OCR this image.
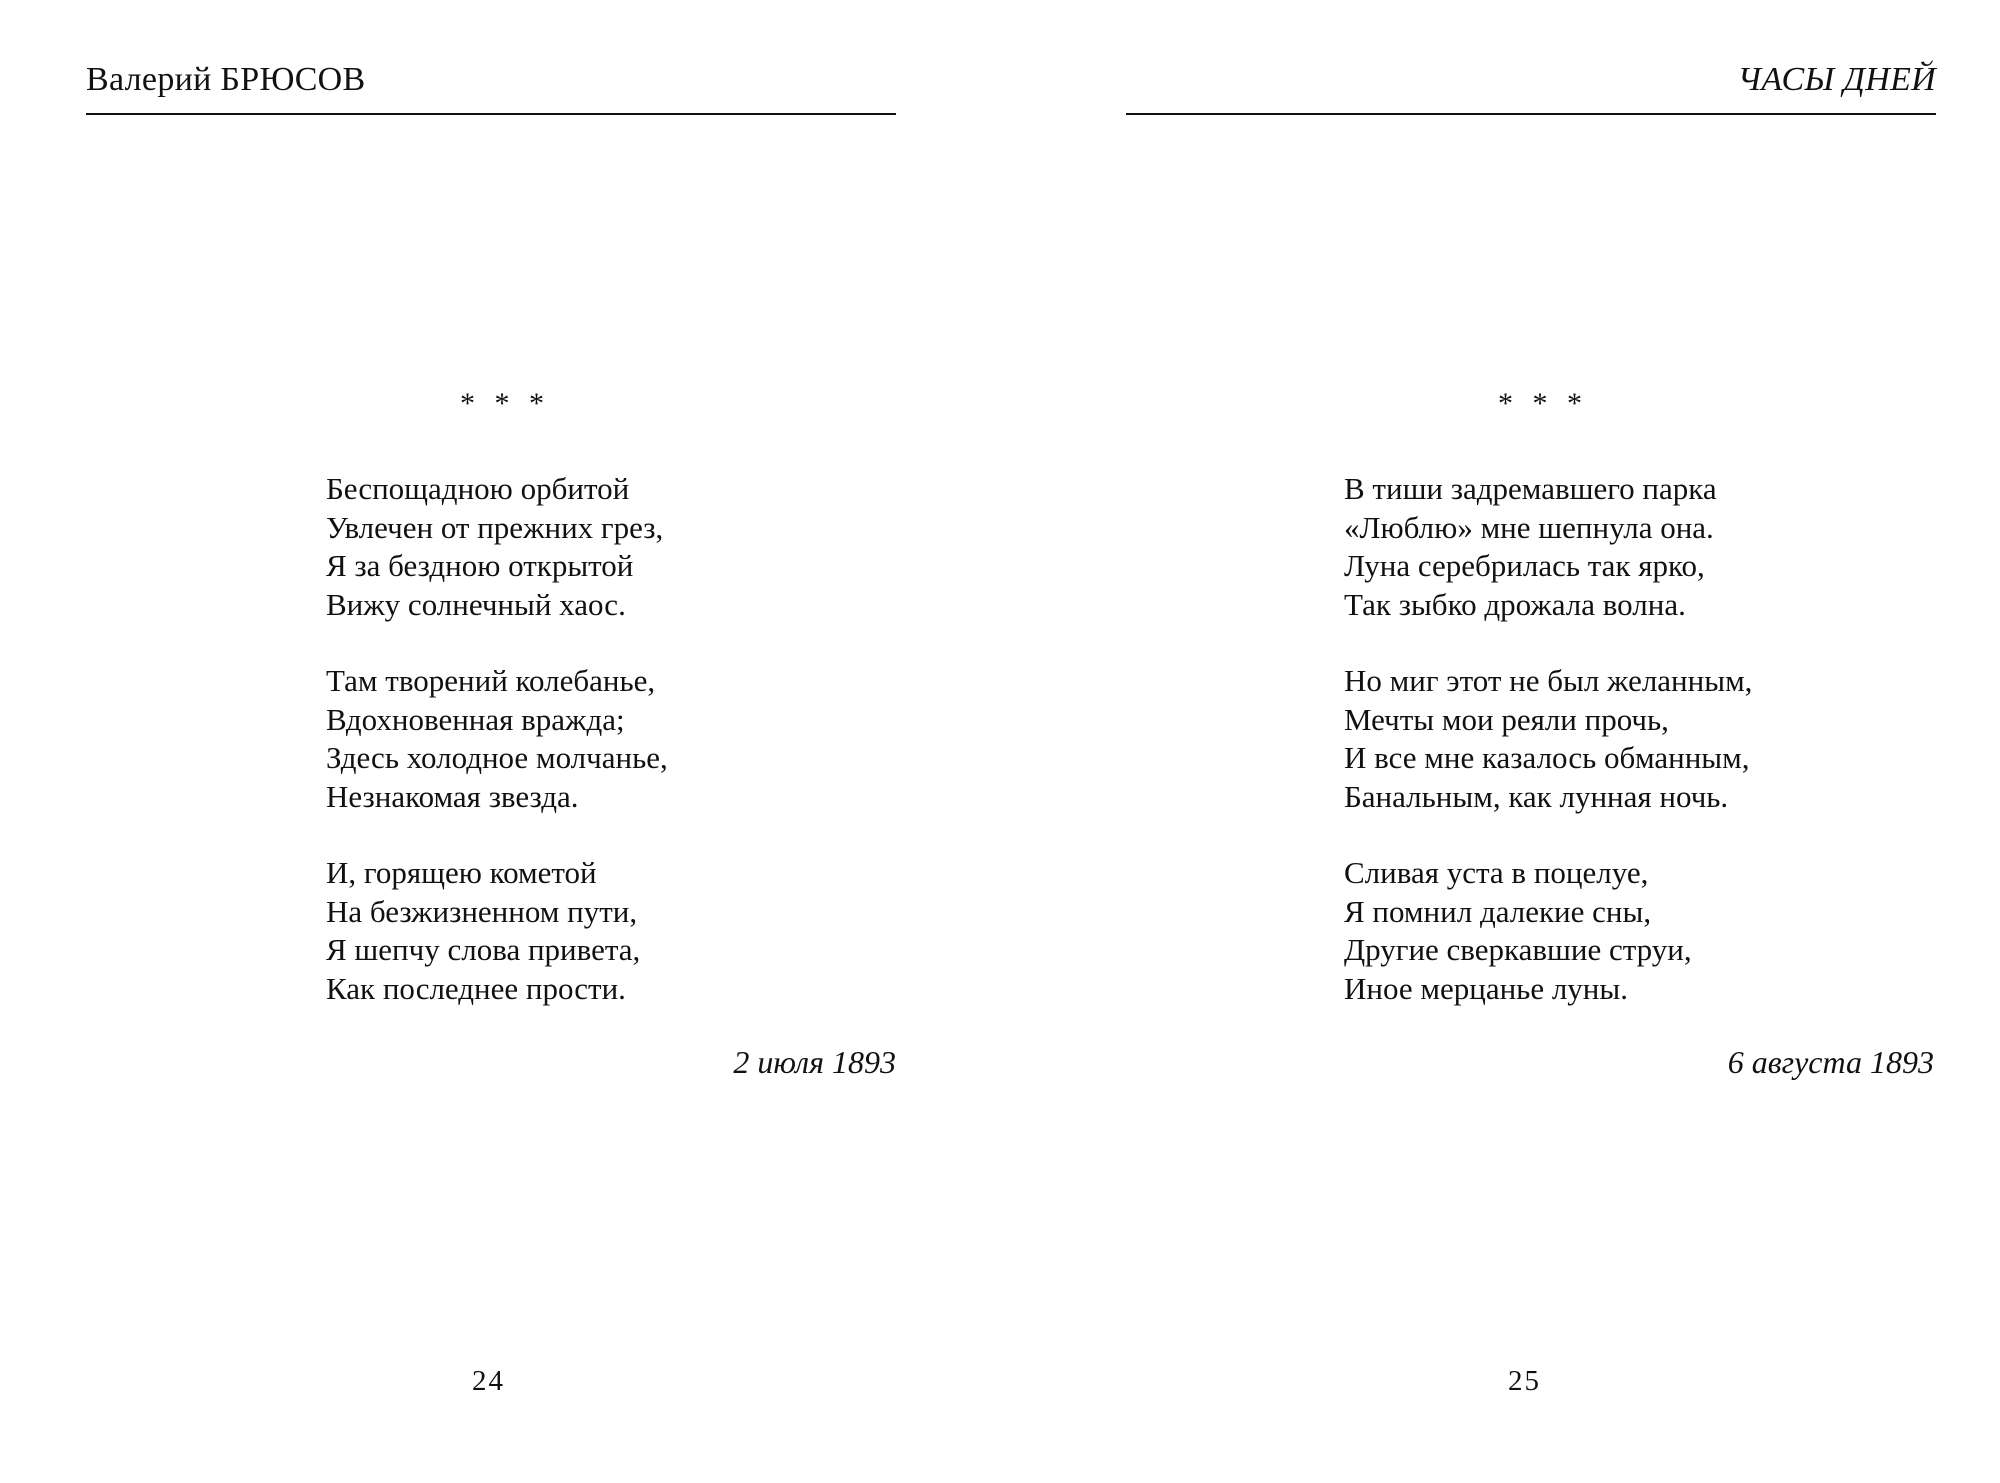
Валерий БРЮСОВ
* * *
Беспощадною орбитой
Увлечен от прежних грез,
Я за бездною открытой
Вижу солнечный хаос.
Там творений колебанье,
Вдохновенная вражда;
Здесь холодное молчанье,
Незнакомая звезда.
И, горящею кометой
На безжизненном пути,
Я шепчу слова привета,
Как последнее прости.
2 июля 1893
24
ЧАСЫ ДНЕЙ
* * *
В тиши задремавшего парка
«Люблю» мне шепнула она.
Луна серебрилась так ярко,
Так зыбко дрожала волна.
Но миг этот не был желанным,
Мечты мои реяли прочь,
И все мне казалось обманным,
Банальным, как лунная ночь.
Сливая уста в поцелуе,
Я помнил далекие сны,
Другие сверкавшие струи,
Иное мерцанье луны.
6 августа 1893
25
